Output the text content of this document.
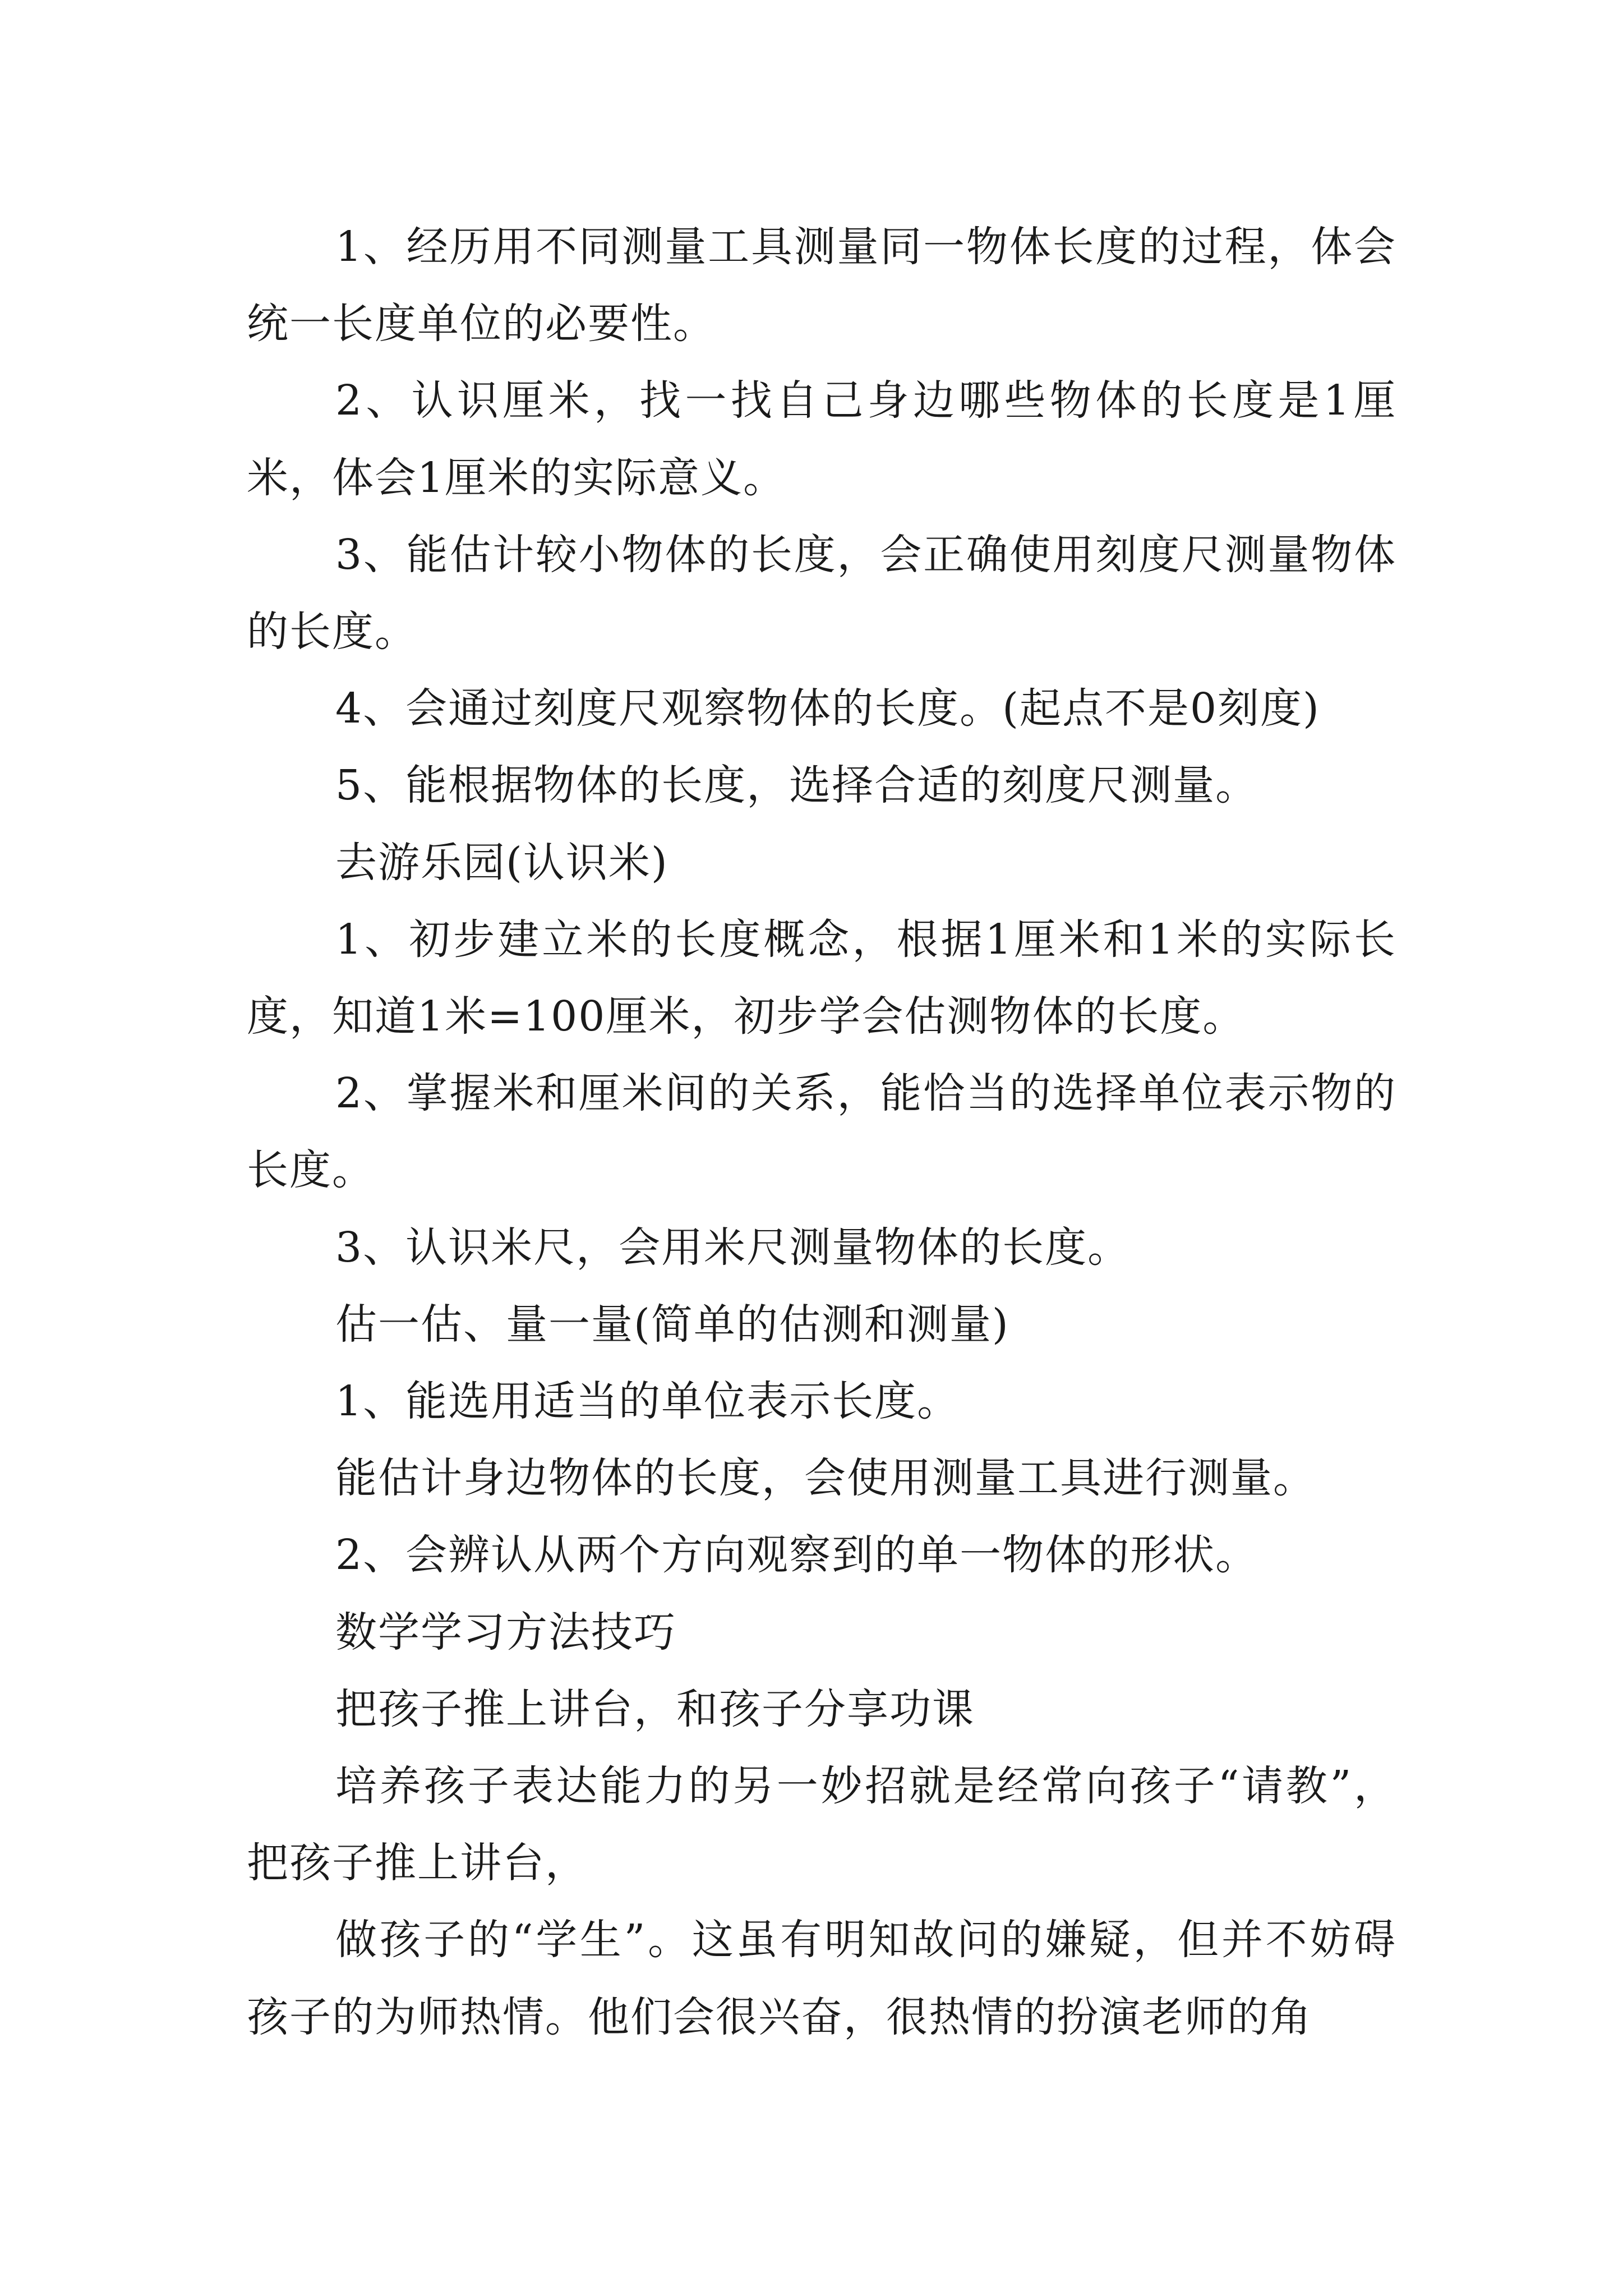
1、经历用不同测量工具测量同一物体长度的过程，体会统一长度单位的必要性。

2、认识厘米，找一找自己身边哪些物体的长度是1厘米，体会1厘米的实际意义。

3、能估计较小物体的长度，会正确使用刻度尺测量物体的长度。

4、会通过刻度尺观察物体的长度。(起点不是0刻度)

5、能根据物体的长度，选择合适的刻度尺测量。

去游乐园(认识米)

1、初步建立米的长度概念，根据1厘米和1米的实际长度，知道1米=100厘米，初步学会估测物体的长度。

2、掌握米和厘米间的关系，能恰当的选择单位表示物的长度。

3、认识米尺，会用米尺测量物体的长度。

估一估、量一量(简单的估测和测量)

1、能选用适当的单位表示长度。

能估计身边物体的长度，会使用测量工具进行测量。

2、会辨认从两个方向观察到的单一物体的形状。

数学学习方法技巧

把孩子推上讲台，和孩子分享功课

培养孩子表达能力的另一妙招就是经常向孩子“请教”，把孩子推上讲台，

做孩子的“学生”。这虽有明知故问的嫌疑，但并不妨碍孩子的为师热情。他们会很兴奋，很热情的扮演老师的角
